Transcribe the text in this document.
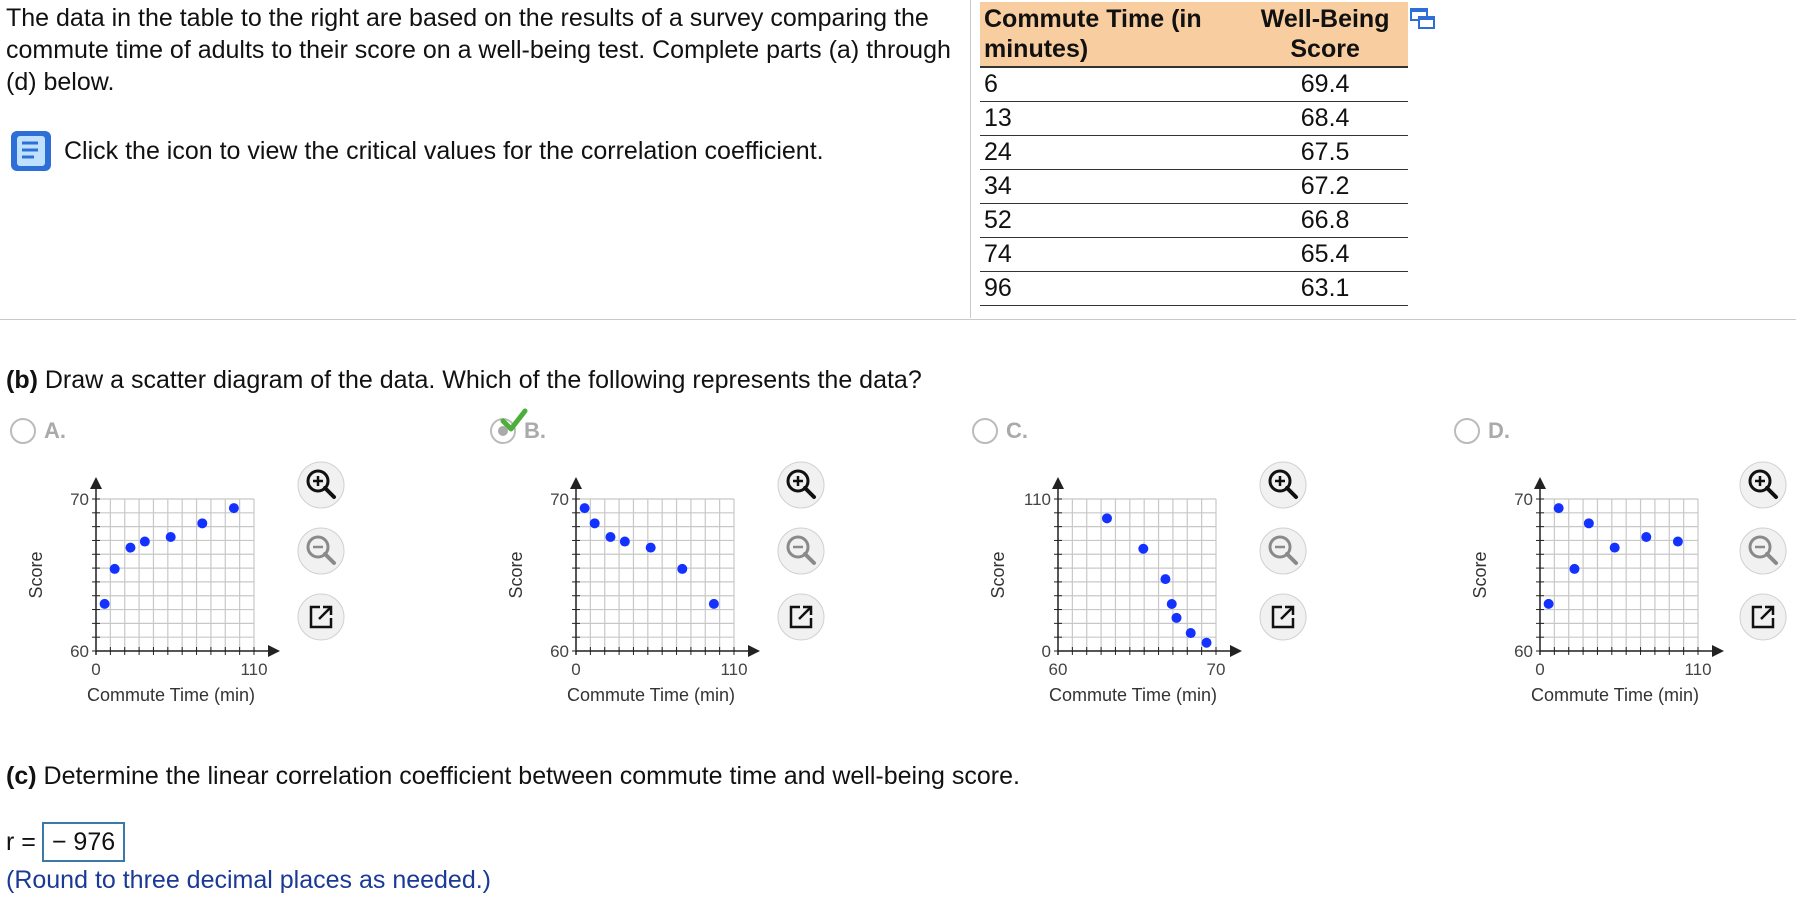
The data in the table to the right are based on the results of a survey comparing the commute time of adults to their score on a well-being test. Complete parts (a) through (d) below.
Click the icon to view the critical values for the correlation coefficient.
Commute Time (in minutes)	Well-Being Score
6	69.4
13	68.4
24	67.5
34	67.2
52	66.8
74	65.4
96	63.1
(b) Draw a scatter diagram of the data. Which of the following represents the data?
A.	B.	C.	D.
0	110
60
70
Commute Time (min)
Score
0	110
60
70
Commute Time (min)
Score
60	70
0
110
Commute Time (min)
Score
0	110
60
70
Commute Time (min)
Score
(c) Determine the linear correlation coefficient between commute time and well-being score.
r = − 976
(Round to three decimal places as needed.)
